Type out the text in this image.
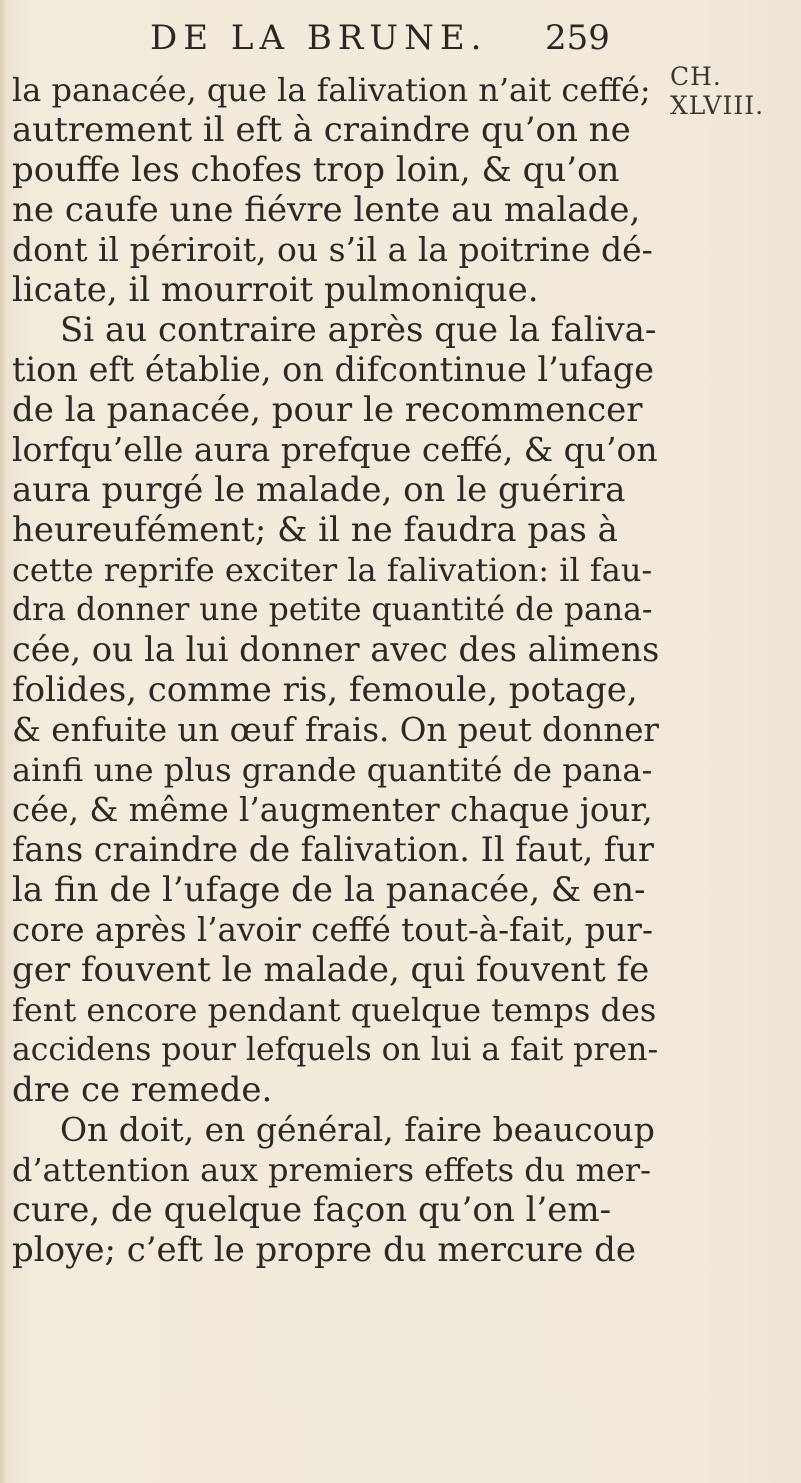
DE LA BRUNE. 259
CH. XLVIII.
la panacée, que la falivation n’ait ceffé;
autrement il eft à craindre qu’on ne
pouffe les chofes trop loin, & qu’on
ne caufe une fiévre lente au malade,
dont il périroit, ou s’il a la poitrine dé-
licate, il mourroit pulmonique.
Si au contraire après que la faliva-
tion eft établie, on difcontinue l’ufage
de la panacée, pour le recommencer
lorfqu’elle aura prefque ceffé, & qu’on
aura purgé le malade, on le guérira
heureufément; & il ne faudra pas à
cette reprife exciter la falivation: il fau-
dra donner une petite quantité de pana-
cée, ou la lui donner avec des alimens
folides, comme ris, femoule, potage,
& enfuite un œuf frais. On peut donner
ainfi une plus grande quantité de pana-
cée, & même l’augmenter chaque jour,
fans craindre de falivation. Il faut, fur
la fin de l’ufage de la panacée, & en-
core après l’avoir ceffé tout-à-fait, pur-
ger fouvent le malade, qui fouvent fe
fent encore pendant quelque temps des
accidens pour lefquels on lui a fait pren-
dre ce remede.
On doit, en général, faire beaucoup
d’attention aux premiers effets du mer-
cure, de quelque façon qu’on l’em-
ploye; c’eft le propre du mercure de
